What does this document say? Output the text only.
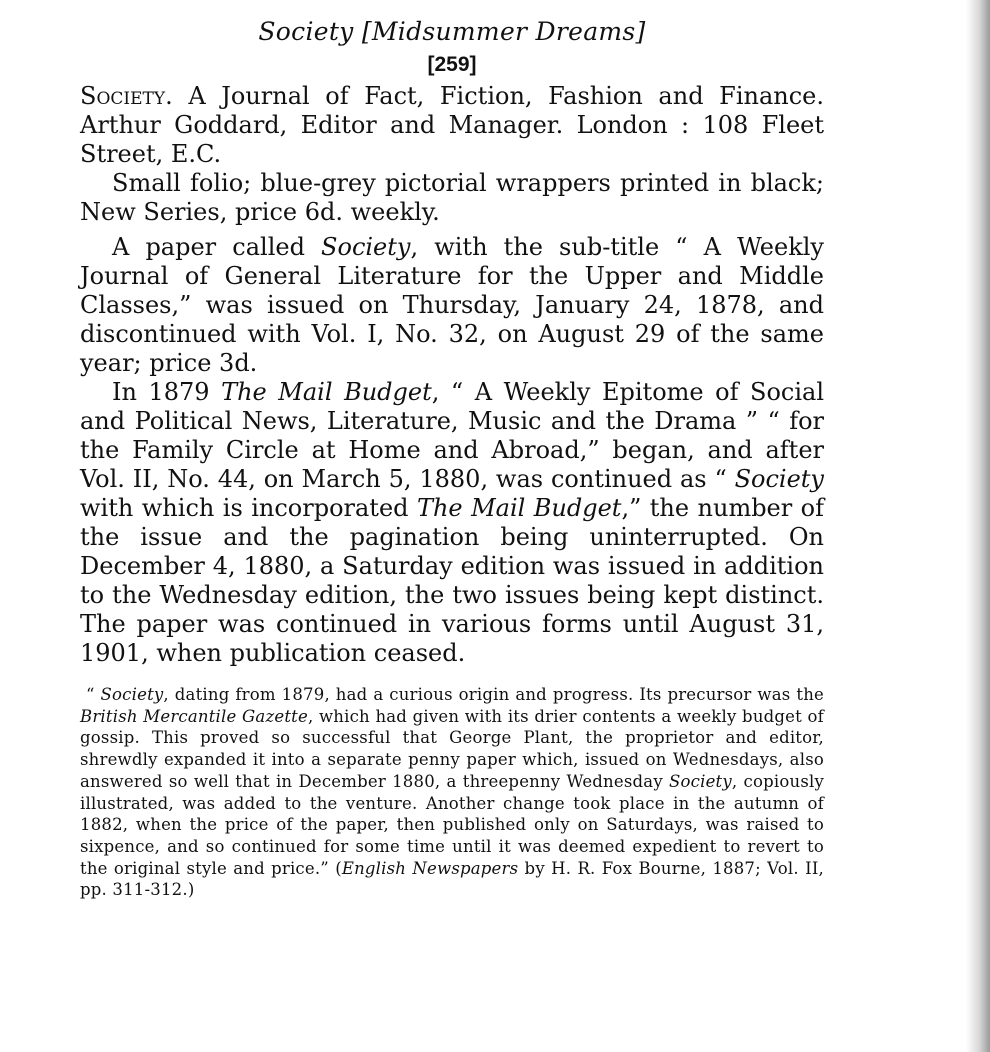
Society [Midsummer Dreams]
[259]

Society. A Journal of Fact, Fiction, Fashion and Finance. Arthur Goddard, Editor and Manager. London : 108 Fleet Street, E.C.

Small folio; blue-grey pictorial wrappers printed in black; New Series, price 6d. weekly.

A paper called Society, with the sub-title “ A Weekly Journal of General Literature for the Upper and Middle Classes,” was issued on Thursday, January 24, 1878, and discontinued with Vol. I, No. 32, on August 29 of the same year; price 3d.

In 1879 The Mail Budget, “ A Weekly Epitome of Social and Political News, Literature, Music and the Drama ” “ for the Family Circle at Home and Abroad,” began, and after Vol. II, No. 44, on March 5, 1880, was continued as “ Society with which is incorporated The Mail Budget,” the number of the issue and the pagination being uninterrupted. On December 4, 1880, a Saturday edition was issued in addition to the Wednesday edition, the two issues being kept distinct. The paper was continued in various forms until August 31, 1901, when publication ceased.

“ Society, dating from 1879, had a curious origin and progress. Its precursor was the British Mercantile Gazette, which had given with its drier contents a weekly budget of gossip. This proved so successful that George Plant, the proprietor and editor, shrewdly expanded it into a separate penny paper which, issued on Wednesdays, also answered so well that in December 1880, a threepenny Wednesday Society, copiously illustrated, was added to the venture. Another change took place in the autumn of 1882, when the price of the paper, then published only on Saturdays, was raised to sixpence, and so continued for some time until it was deemed expedient to revert to the original style and price.” (English Newspapers by H. R. Fox Bourne, 1887; Vol. II, pp. 311-312.)
